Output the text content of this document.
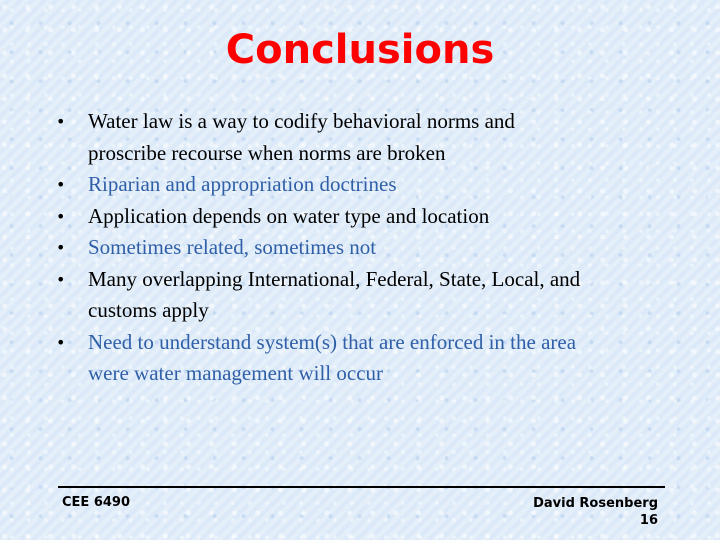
Conclusions
•	Water law is a way to codify behavioral norms and
proscribe recourse when norms are broken
•	Riparian and appropriation doctrines
•	Application depends on water type and location
•	Sometimes related, sometimes not
•	Many overlapping International, Federal, State, Local, and
customs apply
•	Need to understand system(s) that are enforced in the area
were water management will occur
CEE 6490	David Rosenberg
16
